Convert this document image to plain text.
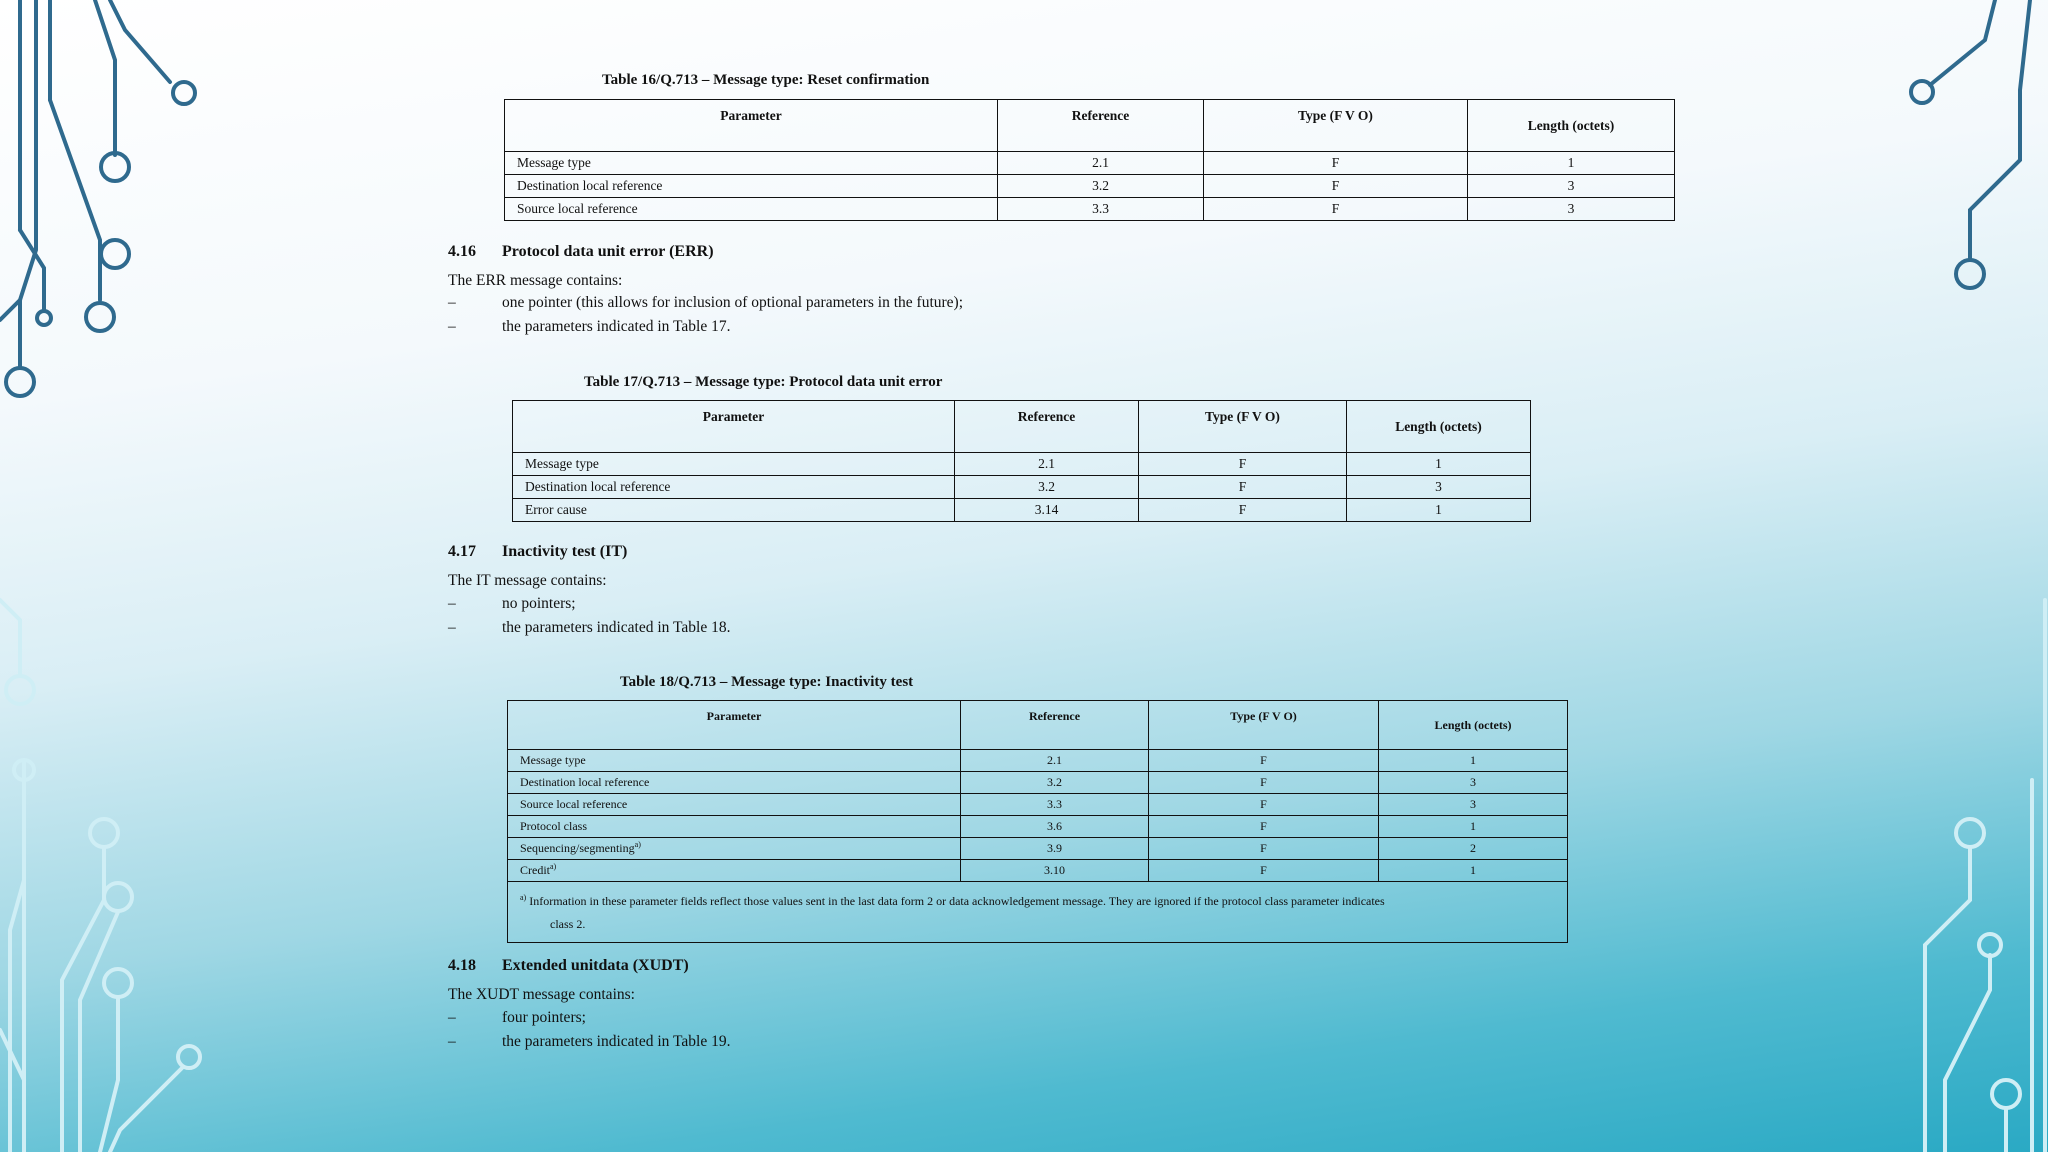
Table 16/Q.713 – Message type: Reset confirmation
Parameter	Reference	Type (F V O)	Length (octets)
Message type	2.1	F	1
Destination local reference	3.2	F	3
Source local reference	3.3	F	3
4.16 Protocol data unit error (ERR)
The ERR message contains:
–	one pointer (this allows for inclusion of optional parameters in the future);
–	the parameters indicated in Table 17.
Table 17/Q.713 – Message type: Protocol data unit error
Parameter	Reference	Type (F V O)	Length (octets)
Message type	2.1	F	1
Destination local reference	3.2	F	3
Error cause	3.14	F	1
4.17 Inactivity test (IT)
The IT message contains:
–	no pointers;
–	the parameters indicated in Table 18.
Table 18/Q.713 – Message type: Inactivity test
Parameter	Reference	Type (F V O)	Length (octets)
Message type	2.1	F	1
Destination local reference	3.2	F	3
Source local reference	3.3	F	3
Protocol class	3.6	F	1
Sequencing/segmenting$^{a)}$	3.9	F	2
Credit$^{a)}$	3.10	F	1

$^{a)}$ Information in these parameter fields reflect those values sent in the last data form 2 or data acknowledgement message. They are ignored if the protocol class parameter indicates
class 2.			
4.18 Extended unitdata (XUDT)
The XUDT message contains:
–	four pointers;
–	the parameters indicated in Table 19.
